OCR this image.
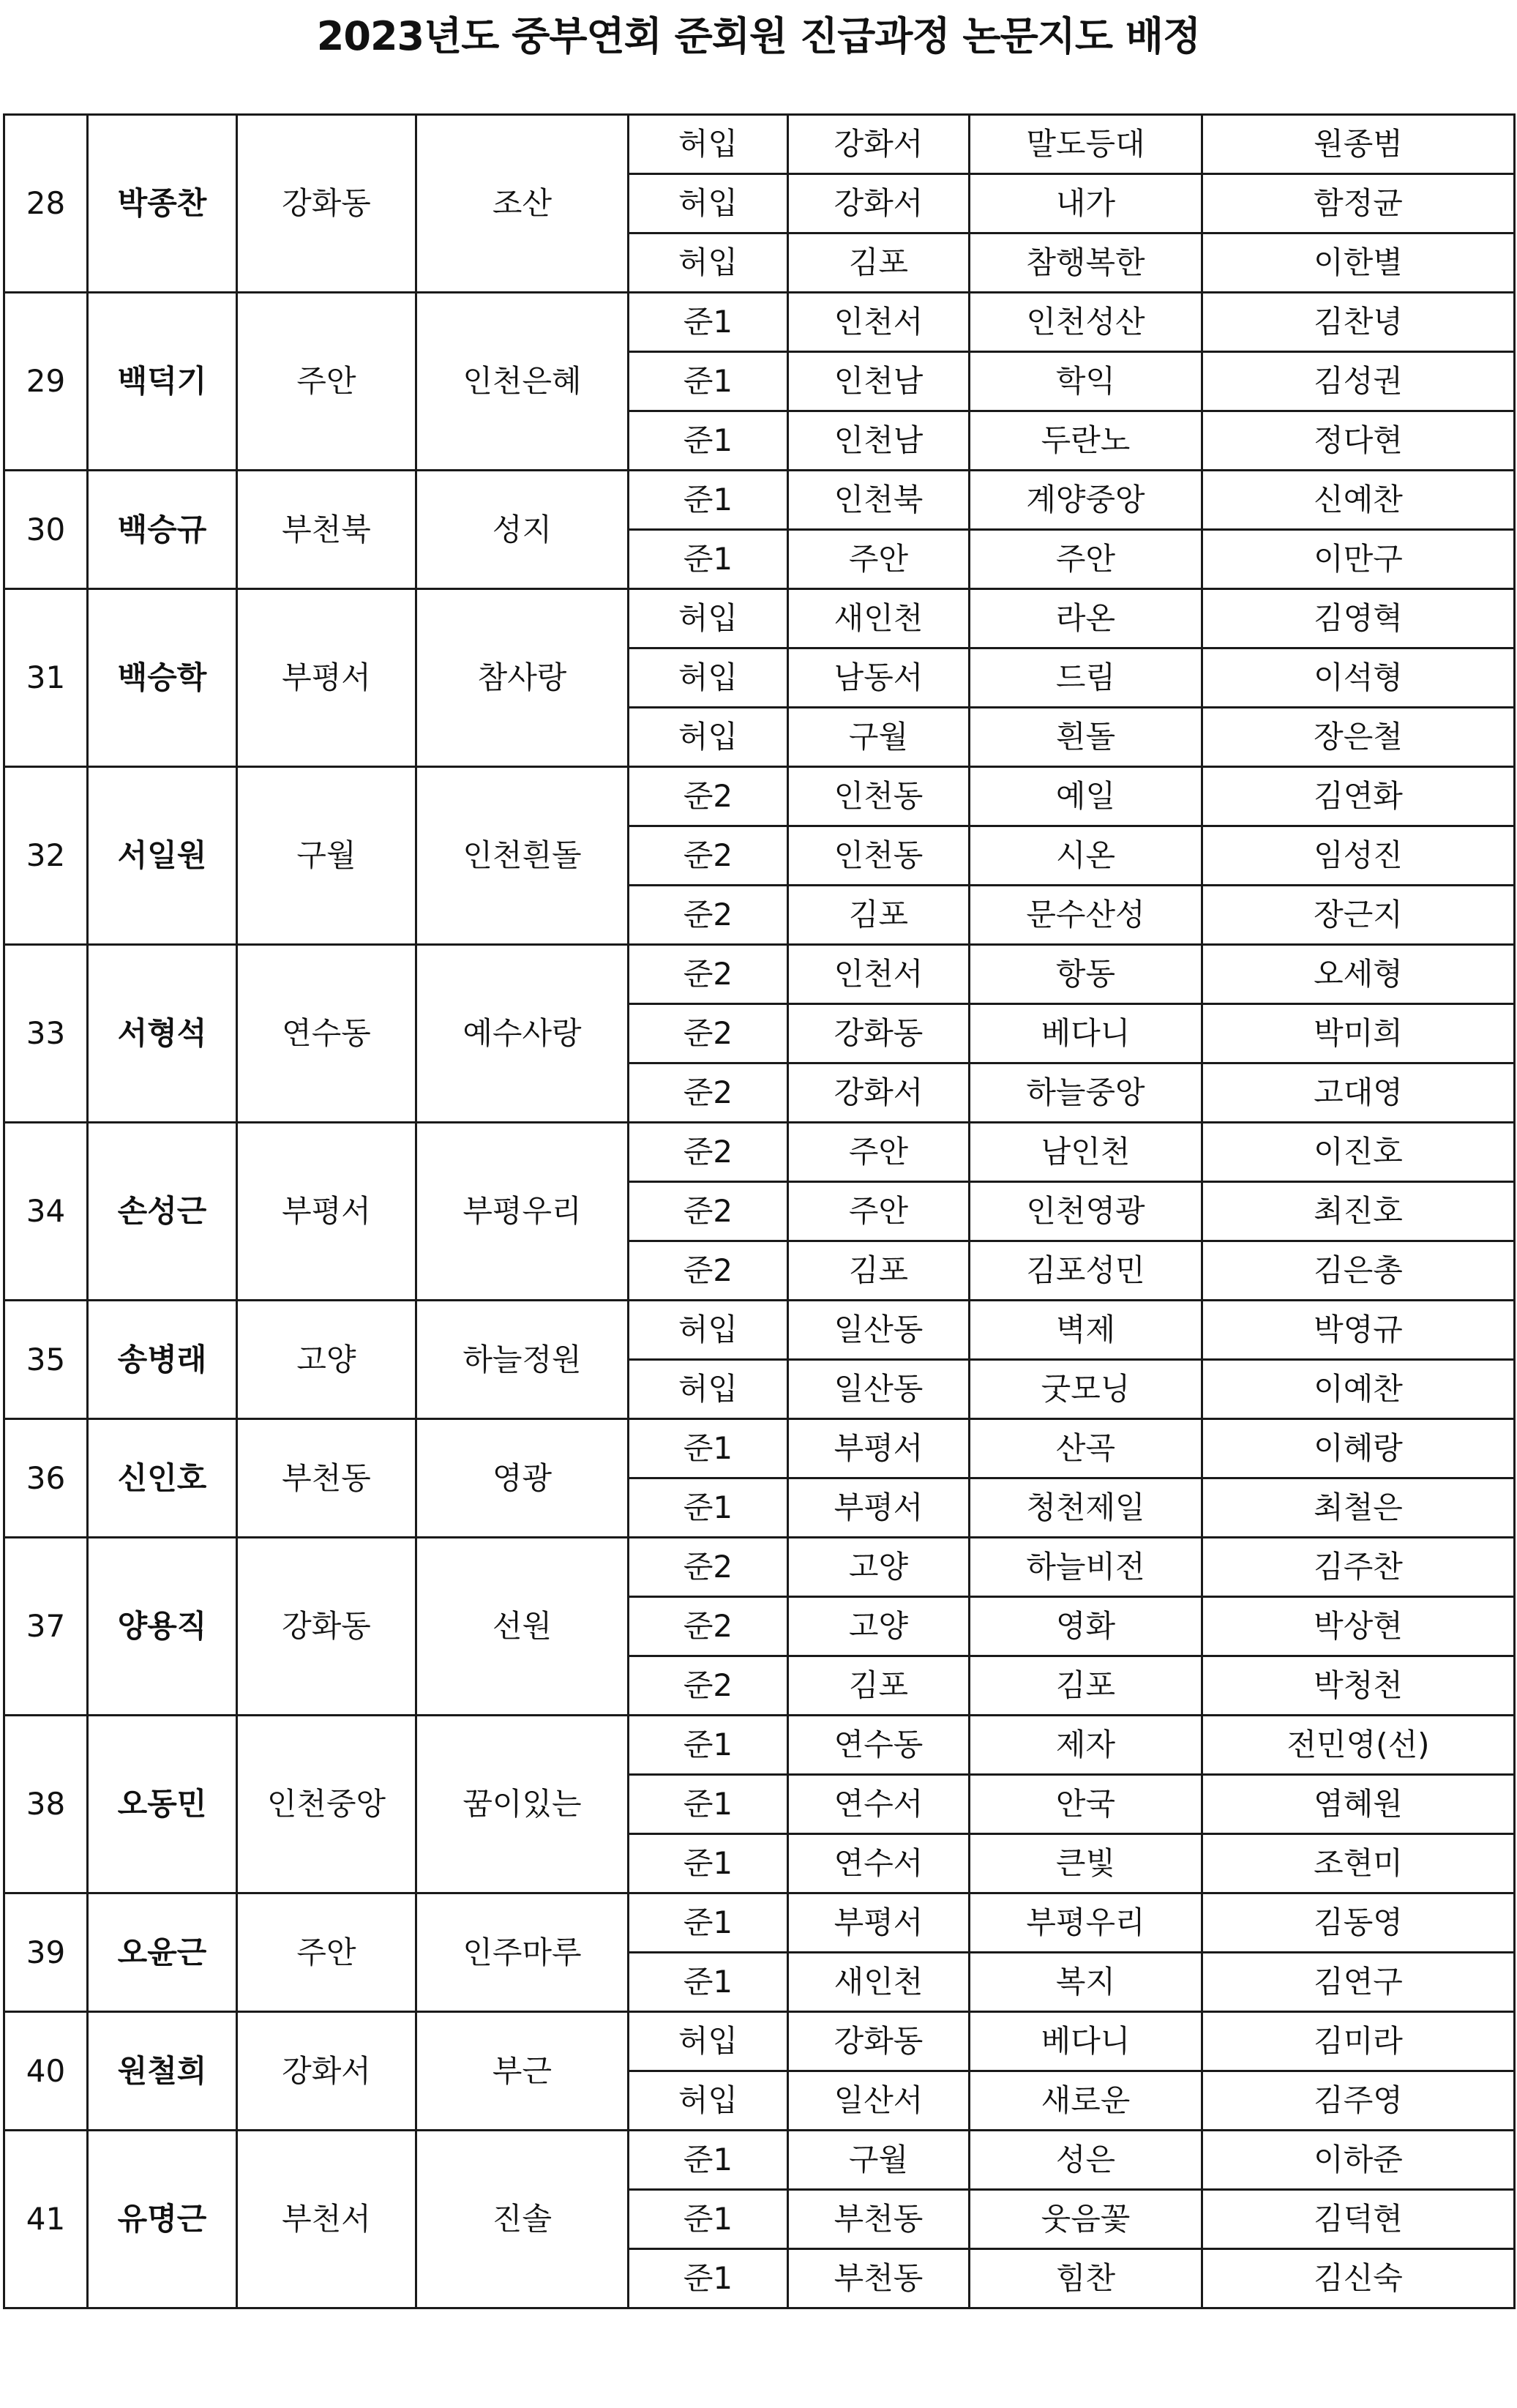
2023년도 중부연회 준회원 진급과정 논문지도 배정
28	박종찬	강화동	조산	허입	강화서	말도등대	원종범
				허입	강화서	내가	함정균
				허입	김포	참행복한	이한별
29	백덕기	주안	인천은혜	준1	인천서	인천성산	김찬녕
				준1	인천남	학익	김성권
				준1	인천남	두란노	정다현
30	백승규	부천북	성지	준1	인천북	계양중앙	신예찬
				준1	주안	주안	이만구
31	백승학	부평서	참사랑	허입	새인천	라온	김영혁
				허입	남동서	드림	이석형
				허입	구월	흰돌	장은철
32	서일원	구월	인천흰돌	준2	인천동	예일	김연화
				준2	인천동	시온	임성진
				준2	김포	문수산성	장근지
33	서형석	연수동	예수사랑	준2	인천서	항동	오세형
				준2	강화동	베다니	박미희
				준2	강화서	하늘중앙	고대영
34	손성근	부평서	부평우리	준2	주안	남인천	이진호
				준2	주안	인천영광	최진호
				준2	김포	김포성민	김은총
35	송병래	고양	하늘정원	허입	일산동	벽제	박영규
				허입	일산동	굿모닝	이예찬
36	신인호	부천동	영광	준1	부평서	산곡	이혜랑
				준1	부평서	청천제일	최철은
37	양용직	강화동	선원	준2	고양	하늘비전	김주찬
				준2	고양	영화	박상현
				준2	김포	김포	박청천
38	오동민	인천중앙	꿈이있는	준1	연수동	제자	전민영(선)
				준1	연수서	안국	염혜원
				준1	연수서	큰빛	조현미
39	오윤근	주안	인주마루	준1	부평서	부평우리	김동영
				준1	새인천	복지	김연구
40	원철희	강화서	부근	허입	강화동	베다니	김미라
				허입	일산서	새로운	김주영
41	유명근	부천서	진솔	준1	구월	성은	이하준
				준1	부천동	웃음꽃	김덕현
				준1	부천동	힘찬	김신숙
